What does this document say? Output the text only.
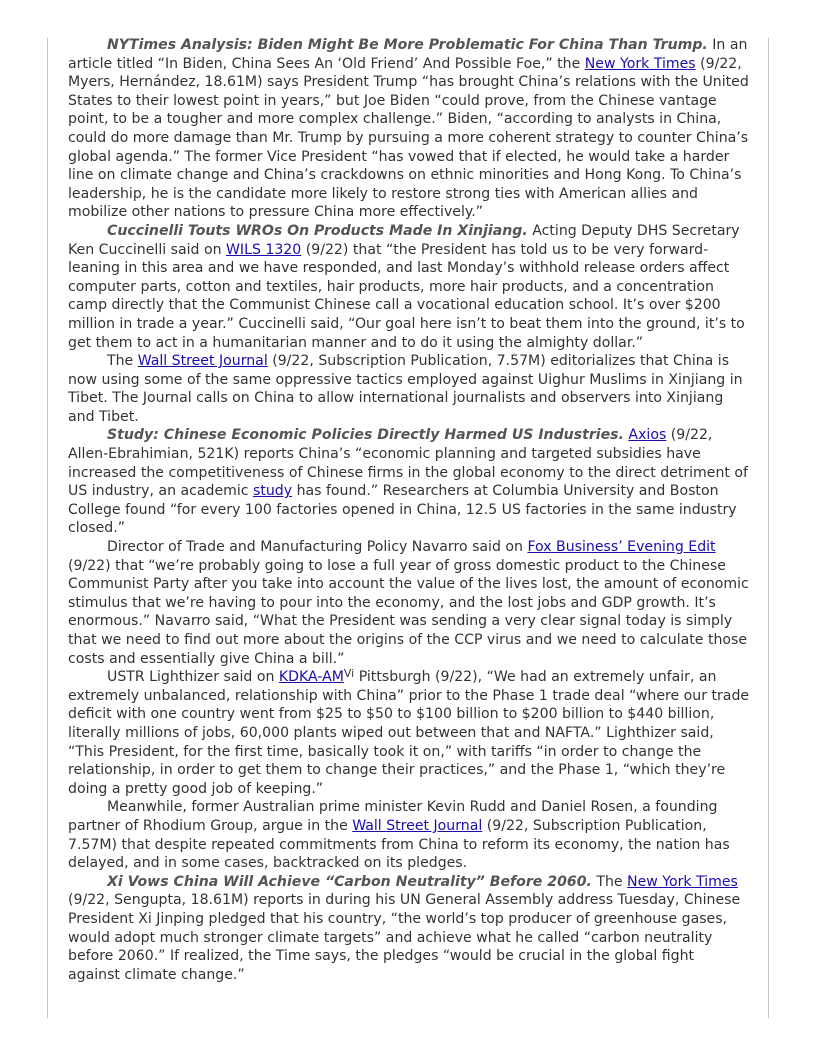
NYTimes Analysis: Biden Might Be More Problematic For China Than Trump. In an article titled “In Biden, China Sees An ‘Old Friend’ And Possible Foe,” the New York Times (9/22, Myers, Hernández, 18.61M) says President Trump “has brought China’s relations with the United States to their lowest point in years,” but Joe Biden “could prove, from the Chinese vantage point, to be a tougher and more complex challenge.” Biden, “according to analysts in China, could do more damage than Mr. Trump by pursuing a more coherent strategy to counter China’s global agenda.” The former Vice President “has vowed that if elected, he would take a harder line on climate change and China’s crackdowns on ethnic minorities and Hong Kong. To China’s leadership, he is the candidate more likely to restore strong ties with American allies and mobilize other nations to pressure China more effectively.”

Cuccinelli Touts WROs On Products Made In Xinjiang. Acting Deputy DHS Secretary Ken Cuccinelli said on WILS 1320 (9/22) that “the President has told us to be very forward-leaning in this area and we have responded, and last Monday’s withhold release orders affect computer parts, cotton and textiles, hair products, more hair products, and a concentration camp directly that the Communist Chinese call a vocational education school. It’s over $200 million in trade a year.” Cuccinelli said, “Our goal here isn’t to beat them into the ground, it’s to get them to act in a humanitarian manner and to do it using the almighty dollar.”

The Wall Street Journal (9/22, Subscription Publication, 7.57M) editorializes that China is now using some of the same oppressive tactics employed against Uighur Muslims in Xinjiang in Tibet. The Journal calls on China to allow international journalists and observers into Xinjiang and Tibet.

Study: Chinese Economic Policies Directly Harmed US Industries. Axios (9/22, Allen-Ebrahimian, 521K) reports China’s “economic planning and targeted subsidies have increased the competitiveness of Chinese firms in the global economy to the direct detriment of US industry, an academic study has found.” Researchers at Columbia University and Boston College found “for every 100 factories opened in China, 12.5 US factories in the same industry closed.”

Director of Trade and Manufacturing Policy Navarro said on Fox Business’ Evening Edit (9/22) that “we’re probably going to lose a full year of gross domestic product to the Chinese Communist Party after you take into account the value of the lives lost, the amount of economic stimulus that we’re having to pour into the economy, and the lost jobs and GDP growth. It’s enormous.” Navarro said, “What the President was sending a very clear signal today is simply that we need to find out more about the origins of the CCP virus and we need to calculate those costs and essentially give China a bill.”

USTR Lighthizer said on KDKA-$AM^{Vi}$ Pittsburgh (9/22), “We had an extremely unfair, an extremely unbalanced, relationship with China” prior to the Phase 1 trade deal “where our trade deficit with one country went from $25 to $50 to $100 billion to $200 billion to $440 billion, literally millions of jobs, 60,000 plants wiped out between that and NAFTA.” Lighthizer said, “This President, for the first time, basically took it on,” with tariffs “in order to change the relationship, in order to get them to change their practices,” and the Phase 1, “which they’re doing a pretty good job of keeping.”

Meanwhile, former Australian prime minister Kevin Rudd and Daniel Rosen, a founding partner of Rhodium Group, argue in the Wall Street Journal (9/22, Subscription Publication, 7.57M) that despite repeated commitments from China to reform its economy, the nation has delayed, and in some cases, backtracked on its pledges.

Xi Vows China Will Achieve “Carbon Neutrality” Before 2060. The New York Times (9/22, Sengupta, 18.61M) reports in during his UN General Assembly address Tuesday, Chinese President Xi Jinping pledged that his country, “the world’s top producer of greenhouse gases, would adopt much stronger climate targets” and achieve what he called “carbon neutrality before 2060.” If realized, the Time says, the pledges “would be crucial in the global fight against climate change.”
